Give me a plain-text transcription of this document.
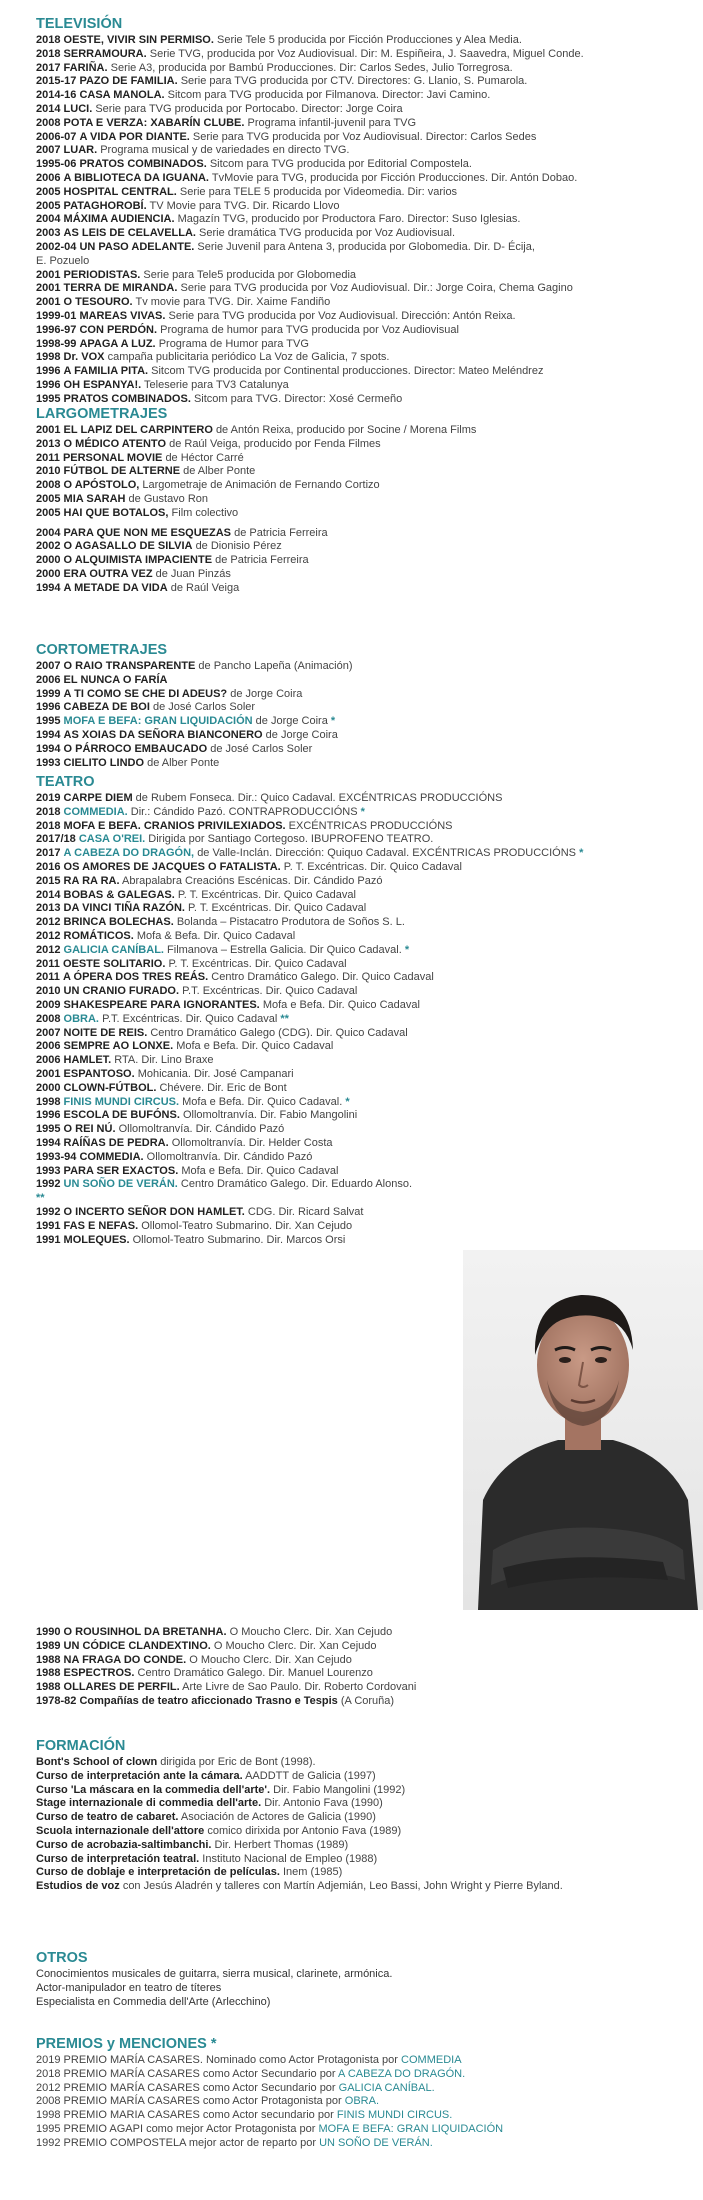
TELEVISIÓN
2018 OESTE, VIVIR SIN PERMISO. Serie Tele 5 producida por Ficción Producciones y Alea Media.
2018 SERRAMOURA. Serie TVG, producida por Voz Audiovisual. Dir: M. Espiñeira, J. Saavedra, Miguel Conde.
2017 FARIÑA. Serie A3, producida por Bambú Producciones. Dir: Carlos Sedes, Julio Torregrosa.
2015-17 PAZO DE FAMILIA. Serie para TVG producida por CTV. Directores: G. Llanio, S. Pumarola.
2014-16 CASA MANOLA. Sitcom para TVG producida por Filmanova. Director: Javi Camino.
2014 LUCI. Serie para TVG producida por Portocabo. Director: Jorge Coira
2008 POTA E VERZA: XABARÍN CLUBE. Programa infantil-juvenil para TVG
2006-07 A VIDA POR DIANTE. Serie para TVG producida por Voz Audiovisual. Director: Carlos Sedes
2007 LUAR. Programa musical y de variedades en directo TVG.
1995-06 PRATOS COMBINADOS. Sitcom para TVG producida por Editorial Compostela.
2006 A BIBLIOTECA DA IGUANA. TvMovie para TVG, producida por Ficción Producciones. Dir. Antón Dobao.
2005 HOSPITAL CENTRAL. Serie para TELE 5 producida por Videomedia. Dir: varios
2005 PATAGHOROBÍ. TV Movie para TVG. Dir. Ricardo Llovo
2004 MÁXIMA AUDIENCIA. Magazín TVG, producido por Productora Faro. Director: Suso Iglesias.
2003 AS LEIS DE CELAVELLA. Serie dramática TVG producida por Voz Audiovisual.
2002-04 UN PASO ADELANTE. Serie Juvenil para Antena 3, producida por Globomedia. Dir. D- Écija,
E. Pozuelo
2001 PERIODISTAS. Serie para Tele5 producida por Globomedia
2001 TERRA DE MIRANDA. Serie para TVG producida por Voz Audiovisual. Dir.: Jorge Coira, Chema Gagino
2001 O TESOURO. Tv movie para TVG. Dir. Xaime Fandiño
1999-01 MAREAS VIVAS. Serie para TVG producida por Voz Audiovisual. Dirección: Antón Reixa.
1996-97 CON PERDÓN. Programa de humor para TVG producida por Voz Audiovisual
1998-99 APAGA A LUZ. Programa de Humor para TVG
1998 Dr. VOX campaña publicitaria periódico La Voz de Galicia, 7 spots.
1996 A FAMILIA PITA. Sitcom TVG producida por Continental producciones. Director: Mateo Meléndrez
1996 OH ESPANYA!. Teleserie para TV3 Catalunya
1995 PRATOS COMBINADOS. Sitcom para TVG. Director: Xosé Cermeño
LARGOMETRAJES
2001 EL LAPIZ DEL CARPINTERO de Antón Reixa, producido por Socine / Morena Films
2013 O MÉDICO ATENTO de Raúl Veiga, producido por Fenda Filmes
2011 PERSONAL MOVIE de Héctor Carré
2010 FÚTBOL DE ALTERNE de Alber Ponte
2008 O APÓSTOLO, Largometraje de Animación de Fernando Cortizo
2005 MIA SARAH de Gustavo Ron
2005 HAI QUE BOTALOS, Film colectivo
2004 PARA QUE NON ME ESQUEZAS de Patricia Ferreira
2002 O AGASALLO DE SILVIA de Dionisio Pérez
2000 O ALQUIMISTA IMPACIENTE de Patricia Ferreira
2000 ERA OUTRA VEZ de Juan Pinzás
1994 A METADE DA VIDA de Raúl Veiga
CORTOMETRAJES
2007 O RAIO TRANSPARENTE de Pancho Lapeña (Animación)
2006 EL NUNCA O FARÍA
1999 A TI COMO SE CHE DI ADEUS? de Jorge Coira
1996 CABEZA DE BOI de José Carlos Soler
1995 MOFA E BEFA: GRAN LIQUIDACIÓN de Jorge Coira *
1994 AS XOIAS DA SEÑORA BIANCONERO de Jorge Coira
1994 O PÁRROCO EMBAUCADO de José Carlos Soler
1993 CIELITO LINDO de Alber Ponte
TEATRO
2019 CARPE DIEM de Rubem Fonseca. Dir.: Quico Cadaval. EXCÉNTRICAS PRODUCCIÓNS
2018 COMMEDIA. Dir.: Cándido Pazó. CONTRAPRODUCCIÓNS *
2018 MOFA E BEFA. CRANIOS PRIVILEXIADOS. EXCÉNTRICAS PRODUCCIÓNS
2017/18 CASA O'REI. Dirigida por Santiago Cortegoso. IBUPROFENO TEATRO.
2017 A CABEZA DO DRAGÓN, de Valle-Inclán. Dirección: Quiquo Cadaval. EXCÉNTRICAS PRODUCCIÓNS *
2016 OS AMORES DE JACQUES O FATALISTA. P. T. Excéntricas. Dir. Quico Cadaval
2015 RA RA RA. Abrapalabra Creacións Escénicas. Dir. Cándido Pazó
2014 BOBAS & GALEGAS. P. T. Excéntricas. Dir. Quico Cadaval
2013 DA VINCI TIÑA RAZÓN. P. T. Excéntricas. Dir. Quico Cadaval
2012 BRINCA BOLECHAS. Bolanda – Pistacatro Produtora de Soños S. L.
2012 ROMÁTICOS. Mofa & Befa. Dir. Quico Cadaval
2012 GALICIA CANÍBAL. Filmanova – Estrella Galicia. Dir Quico Cadaval. *
2011 OESTE SOLITARIO. P. T. Excéntricas. Dir. Quico Cadaval
2011 A ÓPERA DOS TRES REÁS. Centro Dramático Galego. Dir. Quico Cadaval
2010 UN CRANIO FURADO. P.T. Excéntricas. Dir. Quico Cadaval
2009 SHAKESPEARE PARA IGNORANTES. Mofa e Befa. Dir. Quico Cadaval
2008 OBRA. P.T. Excéntricas. Dir. Quico Cadaval **
2007 NOITE DE REIS. Centro Dramático Galego (CDG). Dir. Quico Cadaval
2006 SEMPRE AO LONXE. Mofa e Befa. Dir. Quico Cadaval
2006 HAMLET. RTA. Dir. Lino Braxe
2001 ESPANTOSO. Mohicania. Dir. José Campanari
2000 CLOWN-FÚTBOL. Chévere. Dir. Eric de Bont
1998 FINIS MUNDI CIRCUS. Mofa e Befa. Dir. Quico Cadaval. *
1996 ESCOLA DE BUFÓNS. Ollomoltranvía. Dir. Fabio Mangolini
1995 O REI NÚ. Ollomoltranvía. Dir. Cándido Pazó
1994 RAÍÑAS DE PEDRA. Ollomoltranvía. Dir. Helder Costa
1993-94 COMMEDIA. Ollomoltranvía. Dir. Cándido Pazó
1993 PARA SER EXACTOS. Mofa e Befa. Dir. Quico Cadaval
1992 UN SOÑO DE VERÁN. Centro Dramático Galego. Dir. Eduardo Alonso.
**
1992 O INCERTO SEÑOR DON HAMLET. CDG. Dir. Ricard Salvat
1991 FAS E NEFAS. Ollomol-Teatro Submarino. Dir. Xan Cejudo
1991 MOLEQUES. Ollomol-Teatro Submarino. Dir. Marcos Orsi
1990 O ROUSINHOL DA BRETANHA. O Moucho Clerc. Dir. Xan Cejudo
1989 UN CÓDICE CLANDEXTINO. O Moucho Clerc. Dir. Xan Cejudo
1988 NA FRAGA DO CONDE. O Moucho Clerc. Dir. Xan Cejudo
1988 ESPECTROS. Centro Dramático Galego. Dir. Manuel Lourenzo
1988 OLLARES DE PERFIL. Arte Livre de Sao Paulo. Dir. Roberto Cordovani
1978-82 Compañías de teatro aficcionado Trasno e Tespis (A Coruña)
FORMACIÓN
Bont's School of clown dirigida por Eric de Bont (1998).
Curso de interpretación ante la cámara. AADDTT de Galicia (1997)
Curso 'La máscara en la commedia dell'arte'. Dir. Fabio Mangolini (1992)
Stage internazionale di commedia dell'arte. Dir. Antonio Fava (1990)
Curso de teatro de cabaret. Asociación de Actores de Galicia (1990)
Scuola internazionale dell'attore comico dirixida por Antonio Fava (1989)
Curso de acrobazia-saltimbanchi. Dir. Herbert Thomas (1989)
Curso de interpretación teatral. Instituto Nacional de Empleo (1988)
Curso de doblaje e interpretación de películas. Inem (1985)
Estudios de voz con Jesús Aladrén y talleres con Martín Adjemián, Leo Bassi, John Wright y Pierre Byland.
OTROS
Conocimientos musicales de guitarra, sierra musical, clarinete, armónica.
Actor-manipulador en teatro de títeres
Especialista en Commedia dell'Arte (Arlecchino)
PREMIOS y MENCIONES *
2019 PREMIO MARÍA CASARES. Nominado como Actor Protagonista por COMMEDIA
2018 PREMIO MARÍA CASARES como Actor Secundario por A CABEZA DO DRAGÓN.
2012 PREMIO MARÍA CASARES como Actor Secundario por GALICIA CANÍBAL.
2008 PREMIO MARÍA CASARES como Actor Protagonista por OBRA.
1998 PREMIO MARIA CASARES como Actor secundario por FINIS MUNDI CIRCUS.
1995 PREMIO AGAPI como mejor Actor Protagonista por MOFA E BEFA: GRAN LIQUIDACIÓN
1992 PREMIO COMPOSTELA mejor actor de reparto por UN SOÑO DE VERÁN.
